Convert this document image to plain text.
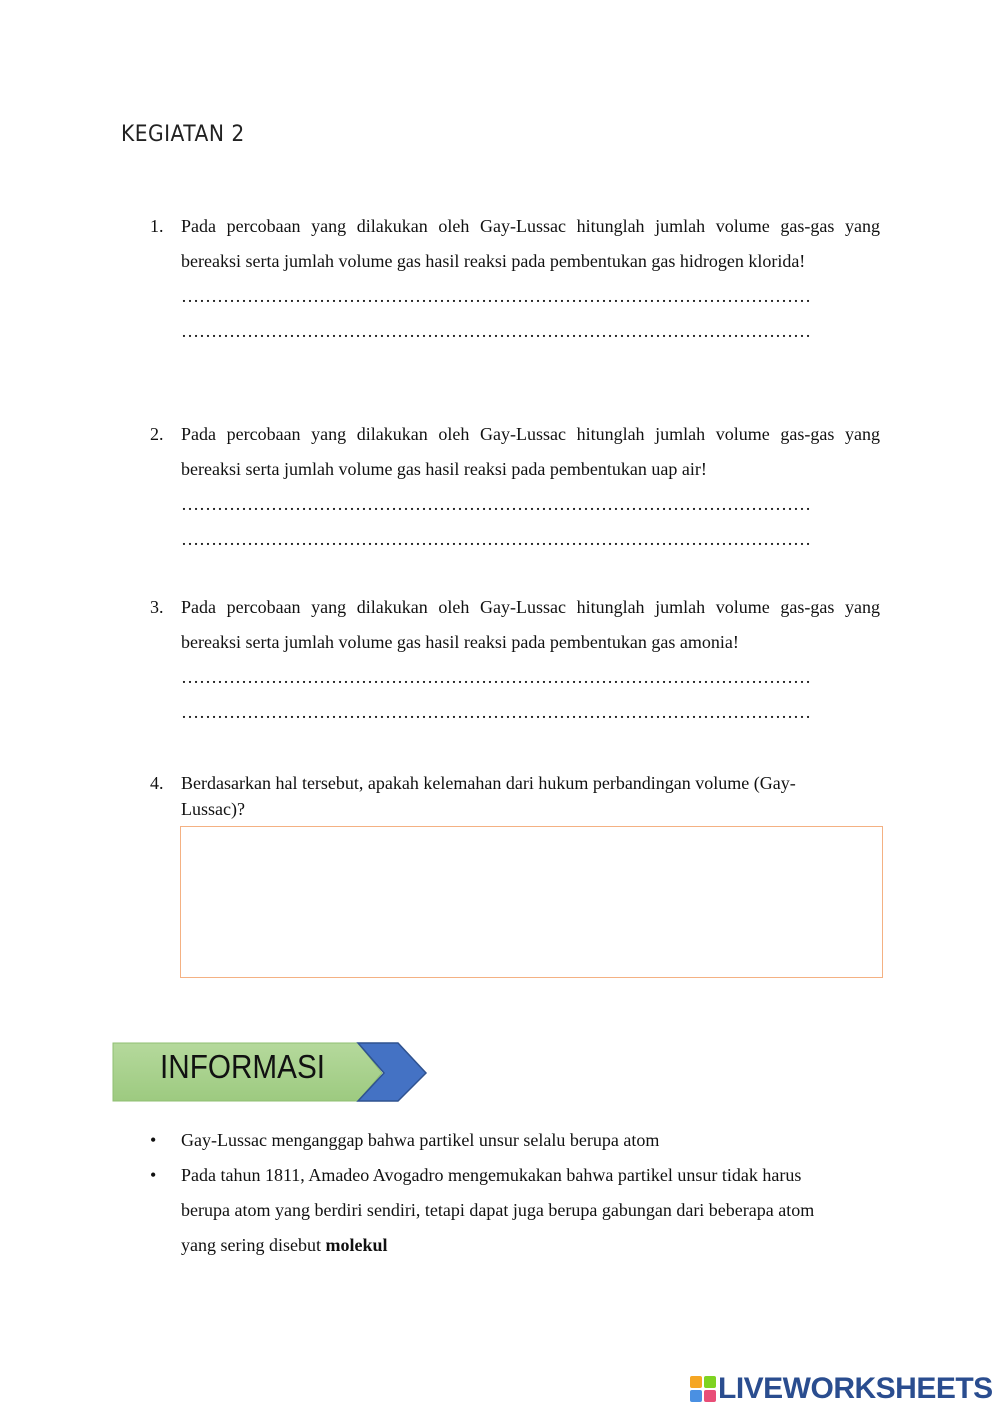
KEGIATAN 2
1. Pada percobaan yang dilakukan oleh Gay-Lussac hitunglah jumlah volume gas-gas yang bereaksi serta jumlah volume gas hasil reaksi pada pembentukan gas hidrogen klorida!
……………………………………………………………………………………………
……………………………………………………………………………………………
2. Pada percobaan yang dilakukan oleh Gay-Lussac hitunglah jumlah volume gas-gas yang bereaksi serta jumlah volume gas hasil reaksi pada pembentukan uap air!
……………………………………………………………………………………………
……………………………………………………………………………………………
3. Pada percobaan yang dilakukan oleh Gay-Lussac hitunglah jumlah volume gas-gas yang bereaksi serta jumlah volume gas hasil reaksi pada pembentukan gas amonia!
……………………………………………………………………………………………
……………………………………………………………………………………………
4. Berdasarkan hal tersebut, apakah kelemahan dari hukum perbandingan volume (Gay-Lussac)?
INFORMASI
• Gay-Lussac menganggap bahwa partikel unsur selalu berupa atom
• Pada tahun 1811, Amadeo Avogadro mengemukakan bahwa partikel unsur tidak harus berupa atom yang berdiri sendiri, tetapi dapat juga berupa gabungan dari beberapa atom yang sering disebut molekul
LIVEWORKSHEETS
